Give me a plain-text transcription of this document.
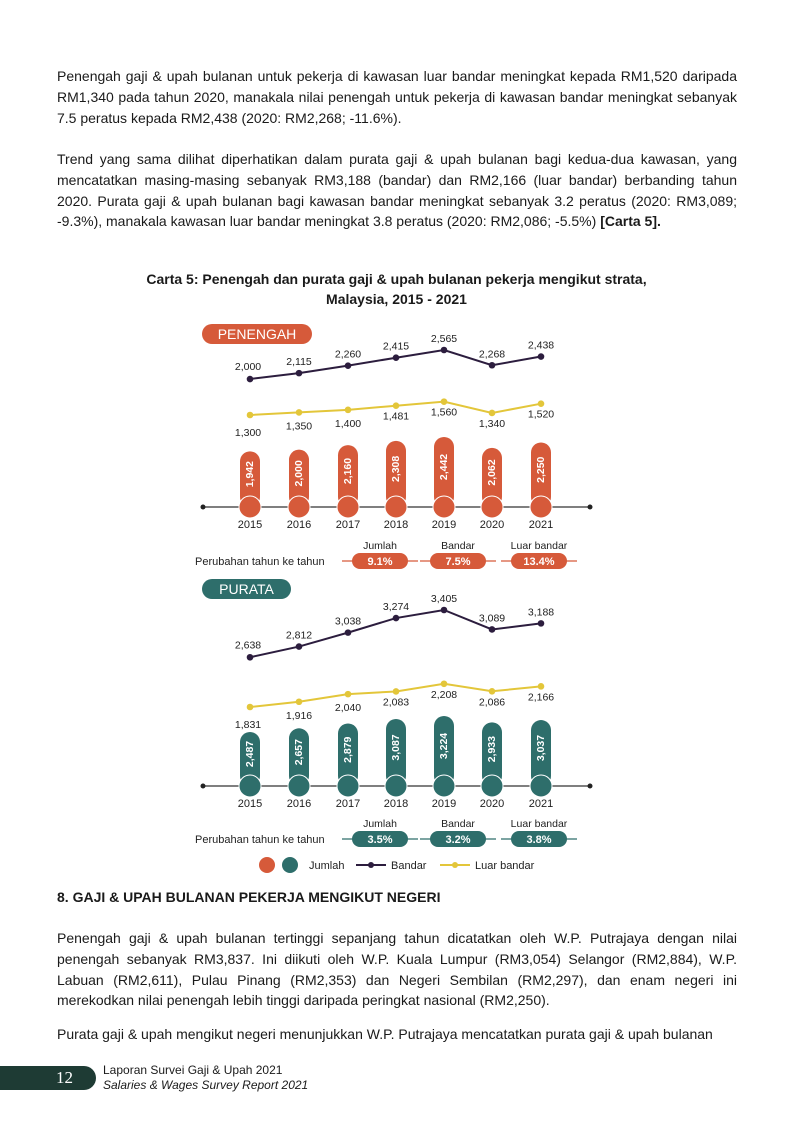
Penengah gaji & upah bulanan untuk pekerja di kawasan luar bandar meningkat kepada RM1,520 daripada RM1,340 pada tahun 2020, manakala nilai penengah untuk pekerja di kawasan bandar meningkat sebanyak 7.5 peratus kepada RM2,438 (2020: RM2,268; -11.6%).

Trend yang sama dilihat diperhatikan dalam purata gaji & upah bulanan bagi kedua-dua kawasan, yang mencatatkan masing-masing sebanyak RM3,188 (bandar) dan RM2,166 (luar bandar) berbanding tahun 2020. Purata gaji & upah bulanan bagi kawasan bandar meningkat sebanyak 3.2 peratus (2020: RM3,089; -9.3%), manakala kawasan luar bandar meningkat 3.8 peratus (2020: RM2,086; -5.5%) [Carta 5].

Carta 5: Penengah dan purata gaji & upah bulanan pekerja mengikut strata,
Malaysia, 2015 - 2021
PENENGAH
1,942
2015
2,000
2016
2,160
2017
2,308
2018
2,442
2019
2,062
2020
2,250
2021
2,000 2,115
2,260
2,415
2,565
2,268
2,438
1,300
1,350 1,400
1,481 1,560
1,340
1,520
Perubahan tahun ke tahun
Jumlah
9.1%
Bandar
7.5%
Luar bandar
13.4%
PURATA
2,487
2015
2,657
2016
2,879
2017
3,087
2018
3,224
2019
2,933
2020
3,037
2021
2,638
2,812
3,038
3,274
3,405
3,089
3,188
1,831
1,916
2,040 2,083
2,208
2,086 2,166
Perubahan tahun ke tahun
Jumlah
3.5%
Bandar
3.2%
Luar bandar
3.8%
Jumlah	Bandar	Luar bandar

8. GAJI & UPAH BULANAN PEKERJA MENGIKUT NEGERI

Penengah gaji & upah bulanan tertinggi sepanjang tahun dicatatkan oleh W.P. Putrajaya dengan nilai penengah sebanyak RM3,837. Ini diikuti oleh W.P. Kuala Lumpur (RM3,054) Selangor (RM2,884), W.P. Labuan (RM2,611), Pulau Pinang (RM2,353) dan Negeri Sembilan (RM2,297), dan enam negeri ini merekodkan nilai penengah lebih tinggi daripada peringkat nasional (RM2,250).

Purata gaji & upah mengikut negeri menunjukkan W.P. Putrajaya mencatatkan purata gaji & upah bulanan

12	Laporan Survei Gaji & Upah 2021
Salaries & Wages Survey Report 2021
